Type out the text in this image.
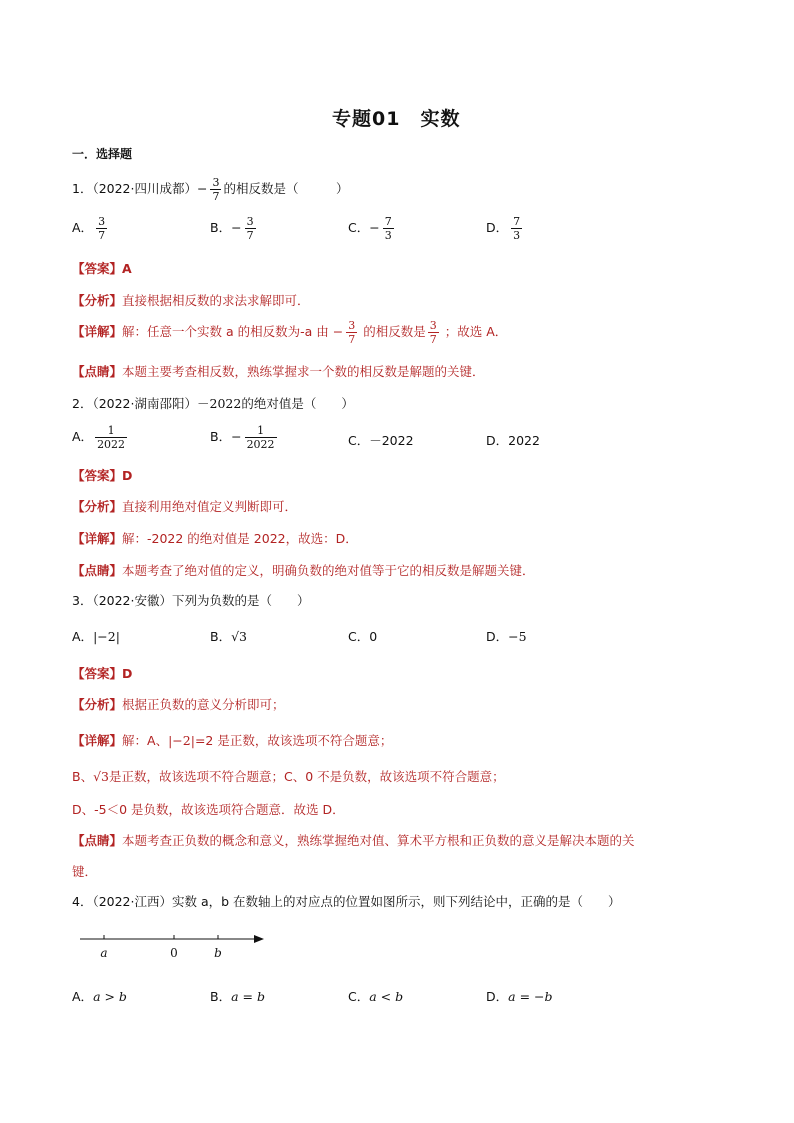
专题01　实数
一．选择题
1．（2022·四川成都）− $\frac{3}{7}$ 的相反数是（　　　）
A． $\frac{3}{7}$	B．− $\frac{3}{7}$	C．− $\frac{7}{3}$	D． $\frac{7}{3}$
【答案】A
【分析】直接根据相反数的求法求解即可．
【详解】解：任意一个实数 a 的相反数为-a 由 − $\frac{3}{7}$ 的相反数是 $\frac{3}{7}$ ；故选 A．
【点睛】本题主要考查相反数，熟练掌握求一个数的相反数是解题的关键．
2．（2022·湖南邵阳）－2022的绝对值是（　　）
A． $\frac{1}{2022}$	B．− $\frac{1}{2022}$	C．－2022	D．2022
【答案】D
【分析】直接利用绝对值定义判断即可．
【详解】解：-2022 的绝对值是 2022，故选：D．
【点睛】本题考查了绝对值的定义，明确负数的绝对值等于它的相反数是解题关键．
3．（2022·安徽）下列为负数的是（　　）
A．|−2|	B．√3	C．0	D．−5
【答案】D
【分析】根据正负数的意义分析即可；
【详解】解：A、|−2|=2 是正数，故该选项不符合题意；
B、√3是正数，故该选项不符合题意；C、0 不是负数，故该选项不符合题意；
D、-5＜0 是负数，故该选项符合题意．故选 D．
【点睛】本题考查正负数的概念和意义，熟练掌握绝对值、算术平方根和正负数的意义是解决本题的关
键．
4．（2022·江西）实数 a，b 在数轴上的对应点的位置如图所示，则下列结论中，正确的是（　　）
a	0	b
A．a > b	B．a = b	C．a < b	D．a = −b
